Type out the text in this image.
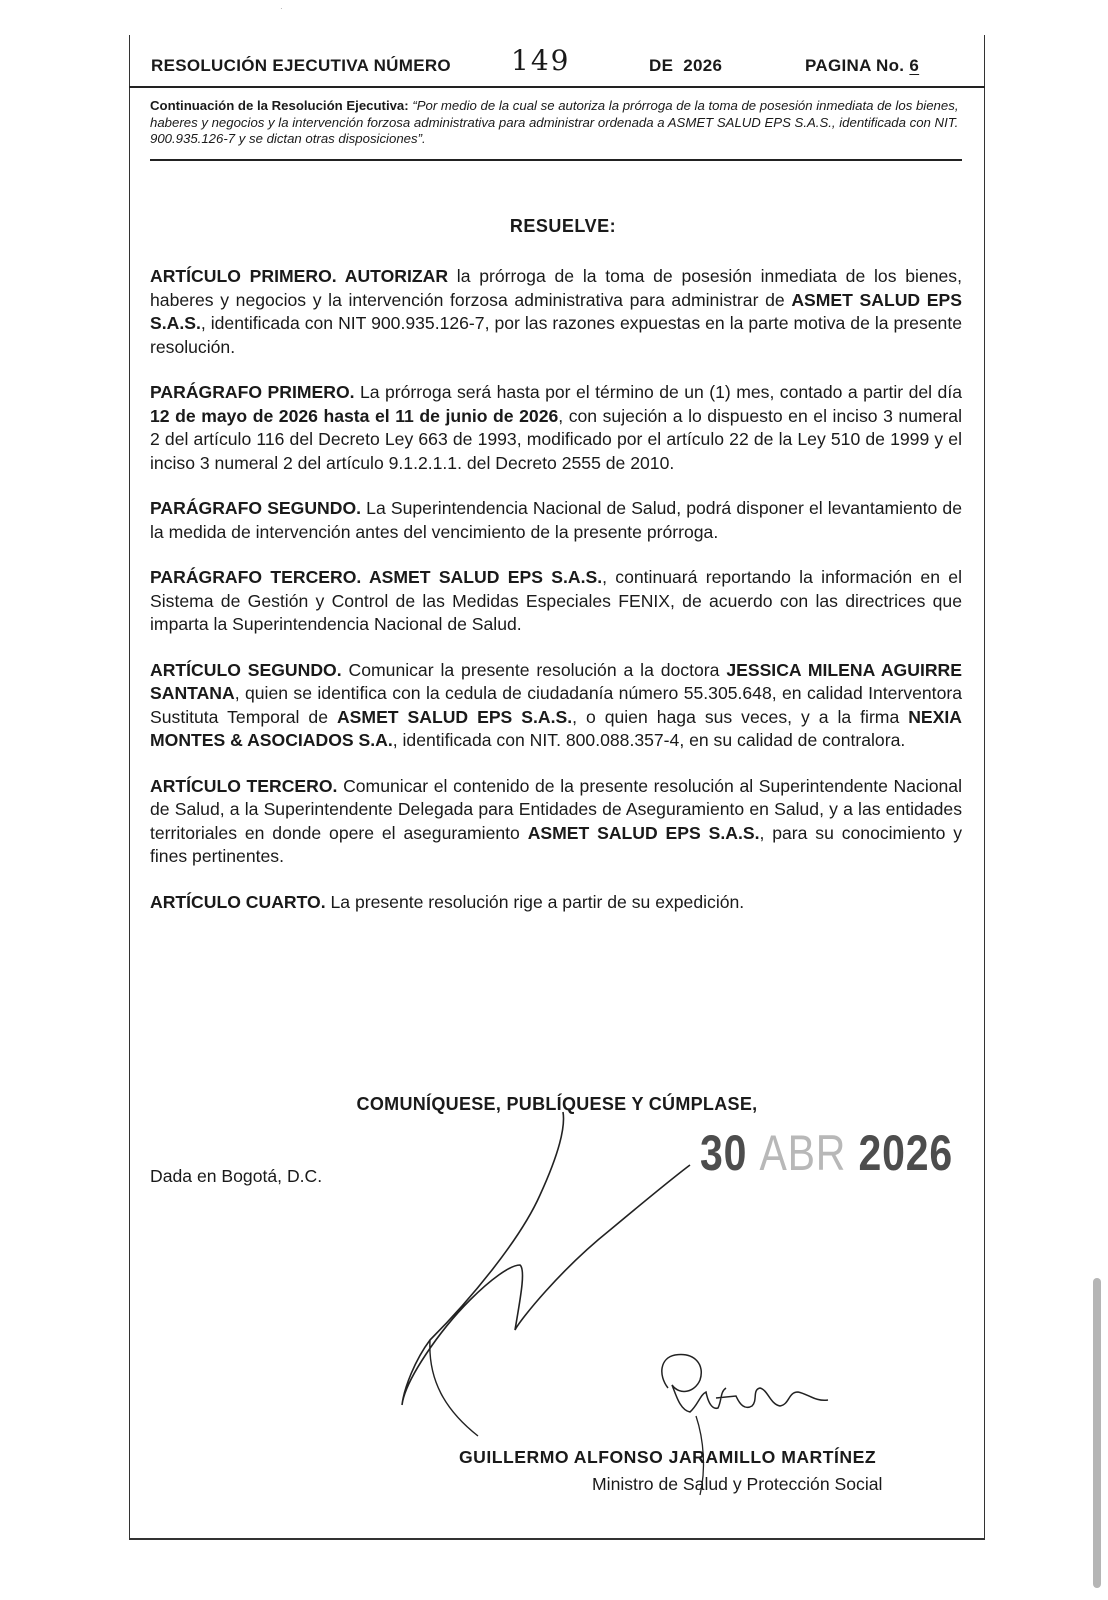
·
RESOLUCIÓN EJECUTIVA NÚMERO 149	DE 2026	PAGINA No. 6
Continuación de la Resolución Ejecutiva: “Por medio de la cual se autoriza la prórroga de la toma de posesión inmediata de los bienes, haberes y negocios y la intervención forzosa administrativa para administrar ordenada a ASMET SALUD EPS S.A.S., identificada con NIT. 900.935.126-7 y se dictan otras disposiciones”.
RESUELVE:

ARTÍCULO PRIMERO. AUTORIZAR la prórroga de la toma de posesión inmediata de los bienes, haberes y negocios y la intervención forzosa administrativa para administrar de ASMET SALUD EPS S.A.S., identificada con NIT 900.935.126-7, por las razones expuestas en la parte motiva de la presente resolución.

PARÁGRAFO PRIMERO. La prórroga será hasta por el término de un (1) mes, contado a partir del día 12 de mayo de 2026 hasta el 11 de junio de 2026, con sujeción a lo dispuesto en el inciso 3 numeral 2 del artículo 116 del Decreto Ley 663 de 1993, modificado por el artículo 22 de la Ley 510 de 1999 y el inciso 3 numeral 2 del artículo 9.1.2.1.1. del Decreto 2555 de 2010.

PARÁGRAFO SEGUNDO. La Superintendencia Nacional de Salud, podrá disponer el levantamiento de la medida de intervención antes del vencimiento de la presente prórroga.

PARÁGRAFO TERCERO. ASMET SALUD EPS S.A.S., continuará reportando la información en el Sistema de Gestión y Control de las Medidas Especiales FENIX, de acuerdo con las directrices que imparta la Superintendencia Nacional de Salud.

ARTÍCULO SEGUNDO. Comunicar la presente resolución a la doctora JESSICA MILENA AGUIRRE SANTANA, quien se identifica con la cedula de ciudadanía número 55.305.648, en calidad Interventora Sustituta Temporal de ASMET SALUD EPS S.A.S., o quien haga sus veces, y a la firma NEXIA MONTES & ASOCIADOS S.A., identificada con NIT. 800.088.357-4, en su calidad de contralora.

ARTÍCULO TERCERO. Comunicar el contenido de la presente resolución al Superintendente Nacional de Salud, a la Superintendente Delegada para Entidades de Aseguramiento en Salud, y a las entidades territoriales en donde opere el aseguramiento ASMET SALUD EPS S.A.S., para su conocimiento y fines pertinentes.

ARTÍCULO CUARTO. La presente resolución rige a partir de su expedición.

COMUNÍQUESE, PUBLÍQUESE Y CÚMPLASE,
Dada en Bogotá, D.C.	30 ABR 2026
GUILLERMO ALFONSO JARAMILLO MARTÍNEZ
Ministro de Salud y Protección Social
